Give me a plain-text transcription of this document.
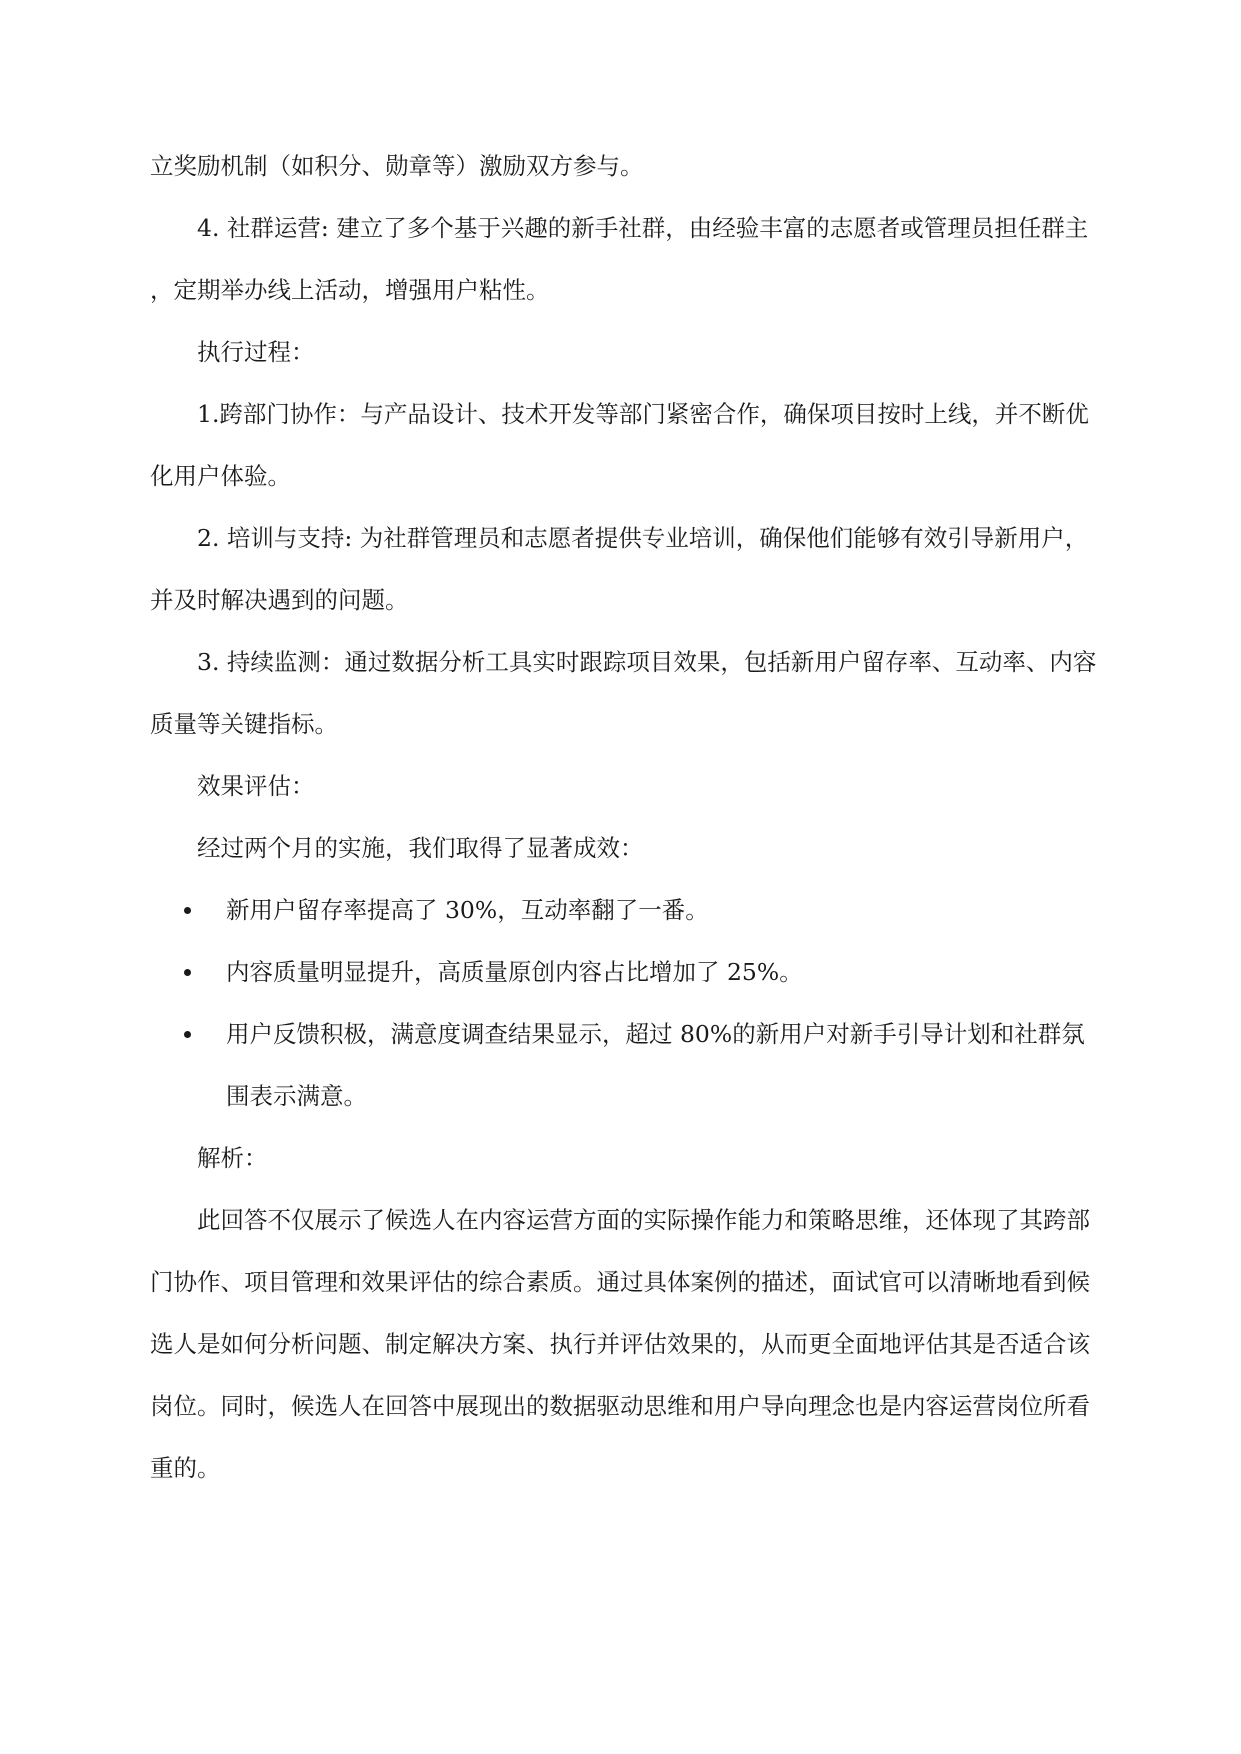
立奖励机制（如积分、勋章等）激励双方参与。

4. 社群运营: 建立了多个基于兴趣的新手社群，由经验丰富的志愿者或管理员担任群主，定期举办线上活动，增强用户粘性。

执行过程：

1.跨部门协作：与产品设计、技术开发等部门紧密合作，确保项目按时上线，并不断优化用户体验。

2. 培训与支持: 为社群管理员和志愿者提供专业培训，确保他们能够有效引导新用户，并及时解决遇到的问题。

3. 持续监测：通过数据分析工具实时跟踪项目效果，包括新用户留存率、互动率、内容质量等关键指标。

效果评估：

经过两个月的实施，我们取得了显著成效：

新用户留存率提高了 30%，互动率翻了一番。
内容质量明显提升，高质量原创内容占比增加了 25%。
用户反馈积极，满意度调查结果显示，超过 80%的新用户对新手引导计划和社群氛围表示满意。

解析：

此回答不仅展示了候选人在内容运营方面的实际操作能力和策略思维，还体现了其跨部门协作、项目管理和效果评估的综合素质。通过具体案例的描述，面试官可以清晰地看到候选人是如何分析问题、制定解决方案、执行并评估效果的，从而更全面地评估其是否适合该岗位。同时，候选人在回答中展现出的数据驱动思维和用户导向理念也是内容运营岗位所看重的。
